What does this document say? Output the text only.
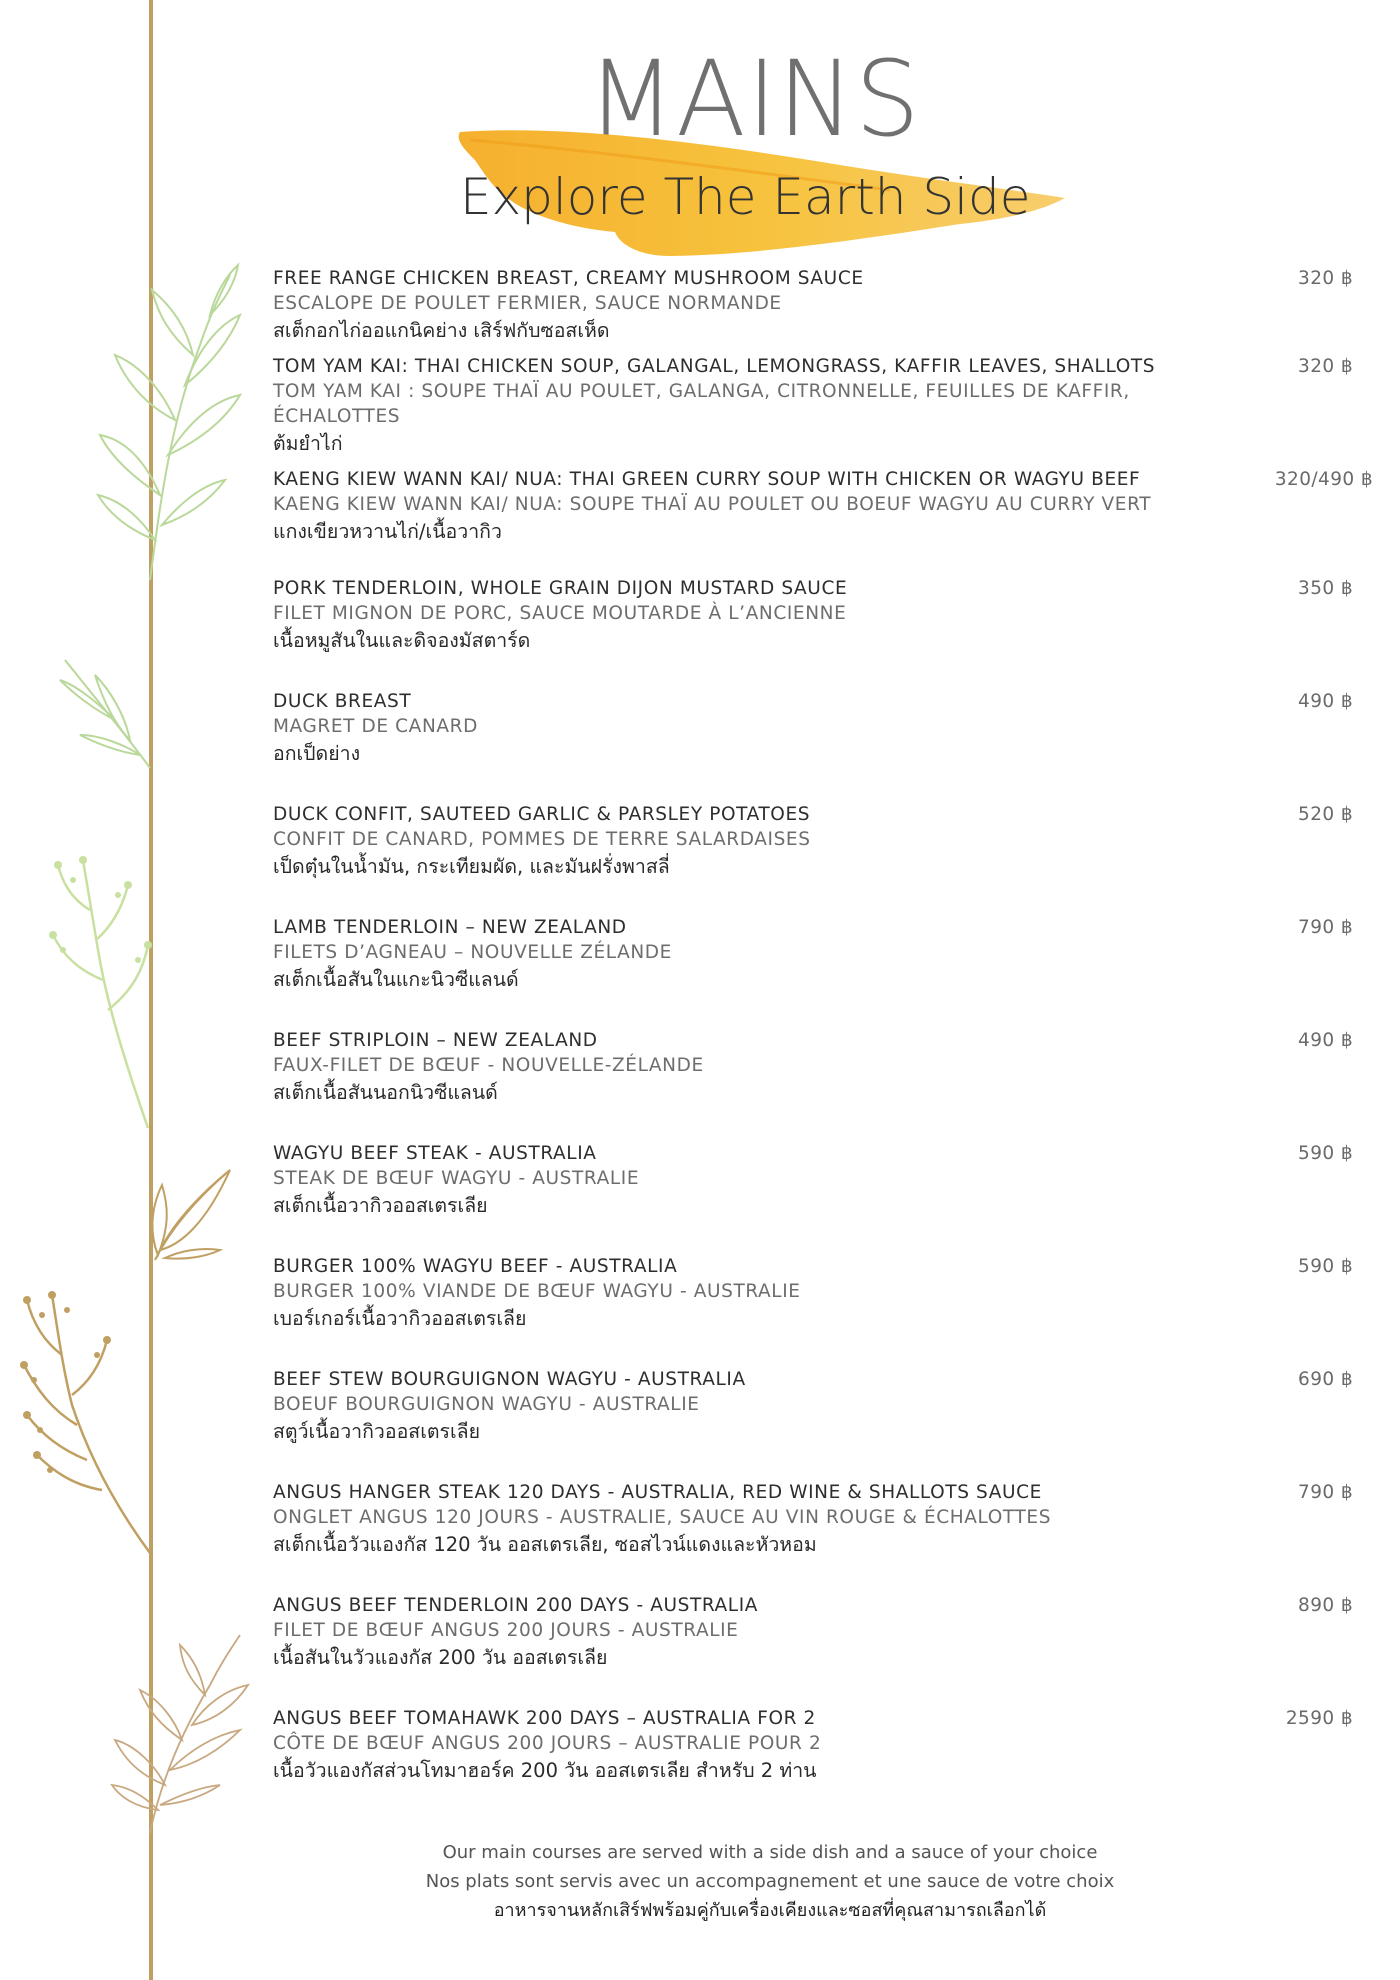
MAINS
Explore The Earth Side
FREE RANGE CHICKEN BREAST, CREAMY MUSHROOM SAUCE
ESCALOPE DE POULET FERMIER, SAUCE NORMANDE
สเต็กอกไก่ออแกนิคย่าง เสิร์ฟกับซอสเห็ด
320 ฿
TOM YAM KAI: THAI CHICKEN SOUP, GALANGAL, LEMONGRASS, KAFFIR LEAVES, SHALLOTS
TOM YAM KAI : SOUPE THAÏ AU POULET, GALANGA, CITRONNELLE, FEUILLES DE KAFFIR, ÉCHALOTTES
ต้มยำไก่
320 ฿
KAENG KIEW WANN KAI/ NUA: THAI GREEN CURRY SOUP WITH CHICKEN OR WAGYU BEEF
KAENG KIEW WANN KAI/ NUA: SOUPE THAÏ AU POULET OU BOEUF WAGYU AU CURRY VERT
แกงเขียวหวานไก่/เนื้อวากิว
320/490 ฿
PORK TENDERLOIN, WHOLE GRAIN DIJON MUSTARD SAUCE
FILET MIGNON DE PORC, SAUCE MOUTARDE À L’ANCIENNE
เนื้อหมูสันในและดิจองมัสตาร์ด
350 ฿
DUCK BREAST
MAGRET DE CANARD
อกเป็ดย่าง
490 ฿
DUCK CONFIT, SAUTEED GARLIC & PARSLEY POTATOES
CONFIT DE CANARD, POMMES DE TERRE SALARDAISES
เป็ดตุ๋นในน้ำมัน, กระเทียมผัด, และมันฝรั่งพาสลี่
520 ฿
LAMB TENDERLOIN – NEW ZEALAND
FILETS D’AGNEAU – NOUVELLE ZÉLANDE
สเต็กเนื้อสันในแกะนิวซีแลนด์
790 ฿
BEEF STRIPLOIN – NEW ZEALAND
FAUX-FILET DE BŒUF - NOUVELLE-ZÉLANDE
สเต็กเนื้อสันนอกนิวซีแลนด์
490 ฿
WAGYU BEEF STEAK - AUSTRALIA
STEAK DE BŒUF WAGYU - AUSTRALIE
สเต็กเนื้อวากิวออสเตรเลีย
590 ฿
BURGER 100% WAGYU BEEF - AUSTRALIA
BURGER 100% VIANDE DE BŒUF WAGYU - AUSTRALIE
เบอร์เกอร์เนื้อวากิวออสเตรเลีย
590 ฿
BEEF STEW BOURGUIGNON WAGYU - AUSTRALIA
BOEUF BOURGUIGNON WAGYU - AUSTRALIE
สตูว์เนื้อวากิวออสเตรเลีย
690 ฿
ANGUS HANGER STEAK 120 DAYS - AUSTRALIA, RED WINE & SHALLOTS SAUCE
ONGLET ANGUS 120 JOURS - AUSTRALIE, SAUCE AU VIN ROUGE & ÉCHALOTTES
สเต็กเนื้อวัวแองกัส 120 วัน ออสเตรเลีย, ซอสไวน์แดงและหัวหอม
790 ฿
ANGUS BEEF TENDERLOIN 200 DAYS - AUSTRALIA
FILET DE BŒUF ANGUS 200 JOURS - AUSTRALIE
เนื้อสันในวัวแองกัส 200 วัน ออสเตรเลีย
890 ฿
ANGUS BEEF TOMAHAWK 200 DAYS – AUSTRALIA FOR 2
CÔTE DE BŒUF ANGUS 200 JOURS – AUSTRALIE POUR 2
เนื้อวัวแองกัสส่วนโทมาฮอร์ค 200 วัน ออสเตรเลีย สำหรับ 2 ท่าน
2590 ฿
Our main courses are served with a side dish and a sauce of your choice
Nos plats sont servis avec un accompagnement et une sauce de votre choix
อาหารจานหลักเสิร์ฟพร้อมคู่กับเครื่องเคียงและซอสที่คุณสามารถเลือกได้
